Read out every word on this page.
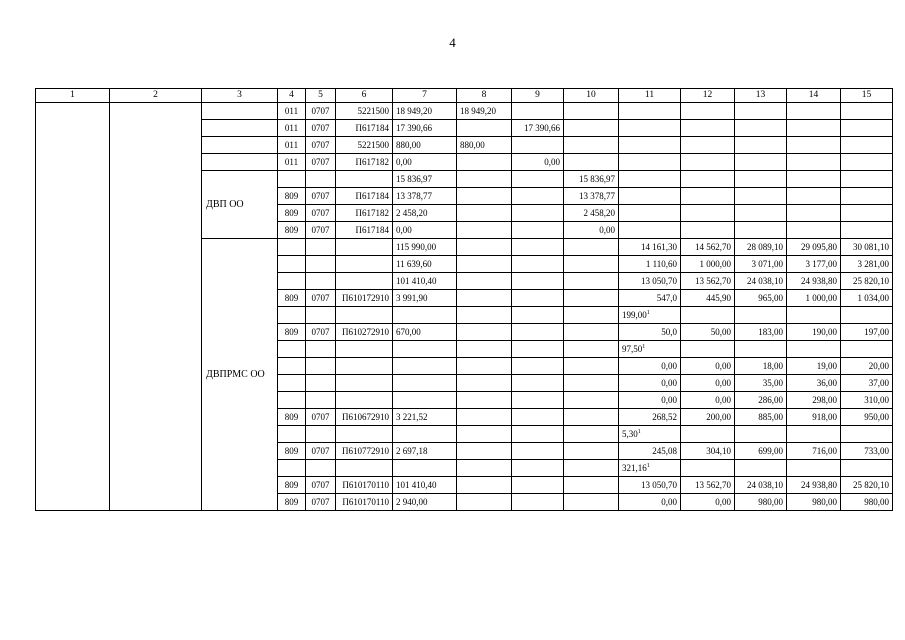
4
1	2	3	4	5	6	7	8	9	10	11	12	13	14	15
			011	0707	5221500	18 949,20	18 949,20							
			011	0707	П617184	17 390,66		17 390,66						
			011	0707	5221500	880,00	880,00							
			011	0707	П617182	0,00		0,00						
		ДВП ОО				15 836,97			15 836,97					
			809	0707	П617184	13 378,77			13 378,77					
			809	0707	П617182	2 458,20			2 458,20					
			809	0707	П617184	0,00			0,00					
		ДВПРМС ОО				115 990,00				14 161,30	14 562,70	28 089,10	29 095,80	30 081,10
						11 639,60				1 110,60	1 000,00	3 071,00	3 177,00	3 281,00
						101 410,40				13 050,70	13 562,70	24 038,10	24 938,80	25 820,10
			809	0707	П610172910	3 991,90				547,0	445,90	965,00	1 000,00	1 034,00
										199,00$^1$				
			809	0707	П610272910	670,00				50,0	50,00	183,00	190,00	197,00
										97,50$^1$				
										0,00	0,00	18,00	19,00	20,00
										0,00	0,00	35,00	36,00	37,00
										0,00	0,00	286,00	298,00	310,00
			809	0707	П610672910	3 221,52				268,52	200,00	885,00	918,00	950,00
										5,30$^1$				
			809	0707	П610772910	2 697,18				245,08	304,10	699,00	716,00	733,00
										321,16$^1$				
			809	0707	П610170110	101 410,40				13 050,70	13 562,70	24 038,10	24 938,80	25 820,10
			809	0707	П610170110	2 940,00				0,00	0,00	980,00	980,00	980,00
